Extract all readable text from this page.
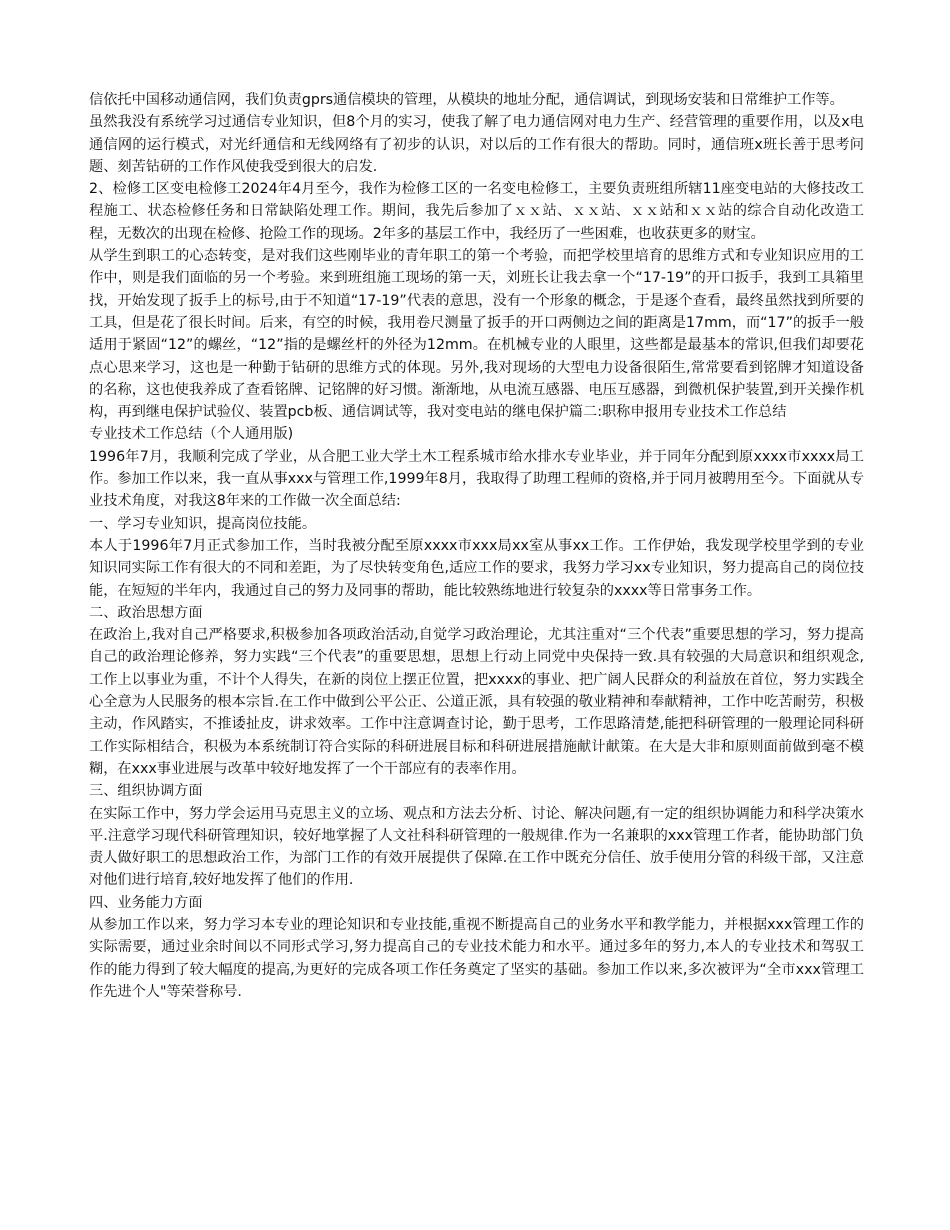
信依托中国移动通信网，我们负责gprs通信模块的管理，从模块的地址分配，通信调试，到现场安装和日常维护工作等。

虽然我没有系统学习过通信专业知识，但8个月的实习，使我了解了电力通信网对电力生产、经营管理的重要作用，以及x电通信网的运行模式，对光纤通信和无线网络有了初步的认识，对以后的工作有很大的帮助。同时，通信班x班长善于思考问题、刻苦钻研的工作作风使我受到很大的启发.

2、检修工区变电检修工2024年4月至今，我作为检修工区的一名变电检修工，主要负责班组所辖11座变电站的大修技改工程施工、状态检修任务和日常缺陷处理工作。期间，我先后参加了ｘｘ站、ｘｘ站、ｘｘ站和ｘｘ站的综合自动化改造工程，无数次的出现在检修、抢险工作的现场。2年多的基层工作中，我经历了一些困难，也收获更多的财宝。

从学生到职工的心态转变，是对我们这些刚毕业的青年职工的第一个考验，而把学校里培育的思维方式和专业知识应用的工作中，则是我们面临的另一个考验。来到班组施工现场的第一天，刘班长让我去拿一个“17-19”的开口扳手，我到工具箱里找，开始发现了扳手上的标号,由于不知道“17-19”代表的意思，没有一个形象的概念，于是逐个查看，最终虽然找到所要的工具，但是花了很长时间。后来，有空的时候，我用卷尺测量了扳手的开口两侧边之间的距离是17mm，而“17”的扳手一般适用于紧固“12”的螺丝，“12”指的是螺丝杆的外径为12mm。在机械专业的人眼里，这些都是最基本的常识,但我们却要花点心思来学习，这也是一种勤于钻研的思维方式的体现。另外,我对现场的大型电力设备很陌生,常常要看到铭牌才知道设备的名称，这也使我养成了查看铭牌、记铭牌的好习惯。渐渐地，从电流互感器、电压互感器，到微机保护装置,到开关操作机构，再到继电保护试验仪、装置pcb板、通信调试等，我对变电站的继电保护篇二:职称申报用专业技术工作总结

专业技术工作总结（个人通用版)

1996年7月，我顺利完成了学业，从合肥工业大学土木工程系城市给水排水专业毕业，并于同年分配到原xxxx市xxxx局工作。参加工作以来，我一直从事xxx与管理工作,1999年8月，我取得了助理工程师的资格,并于同月被聘用至今。下面就从专业技术角度，对我这8年来的工作做一次全面总结:

一、学习专业知识，提高岗位技能。

本人于1996年7月正式参加工作，当时我被分配至原xxxx市xxx局xx室从事xx工作。工作伊始，我发现学校里学到的专业知识同实际工作有很大的不同和差距，为了尽快转变角色,适应工作的要求，我努力学习xx专业知识，努力提高自己的岗位技能，在短短的半年内，我通过自己的努力及同事的帮助，能比较熟练地进行较复杂的xxxx等日常事务工作。

二、政治思想方面

在政治上,我对自己严格要求,积极参加各项政治活动,自觉学习政治理论，尤其注重对“三个代表”重要思想的学习，努力提高自己的政治理论修养，努力实践“三个代表”的重要思想，思想上行动上同党中央保持一致.具有较强的大局意识和组织观念,工作上以事业为重，不计个人得失，在新的岗位上摆正位置，把xxxx的事业、把广阔人民群众的利益放在首位，努力实践全心全意为人民服务的根本宗旨.在工作中做到公平公正、公道正派，具有较强的敬业精神和奉献精神，工作中吃苦耐劳，积极主动，作风踏实，不推诿扯皮，讲求效率。工作中注意调查讨论，勤于思考，工作思路清楚,能把科研管理的一般理论同科研工作实际相结合，积极为本系统制订符合实际的科研进展目标和科研进展措施献计献策。在大是大非和原则面前做到毫不模糊，在xxx事业进展与改革中较好地发挥了一个干部应有的表率作用。

三、组织协调方面

在实际工作中，努力学会运用马克思主义的立场、观点和方法去分析、讨论、解决问题,有一定的组织协调能力和科学决策水平.注意学习现代科研管理知识，较好地掌握了人文社科科研管理的一般规律.作为一名兼职的xxx管理工作者，能协助部门负责人做好职工的思想政治工作，为部门工作的有效开展提供了保障.在工作中既充分信任、放手使用分管的科级干部，又注意对他们进行培育,较好地发挥了他们的作用.

四、业务能力方面

从参加工作以来，努力学习本专业的理论知识和专业技能,重视不断提高自己的业务水平和教学能力，并根据xxx管理工作的实际需要，通过业余时间以不同形式学习,努力提高自己的专业技术能力和水平。通过多年的努力,本人的专业技术和驾驭工作的能力得到了较大幅度的提高,为更好的完成各项工作任务奠定了坚实的基础。参加工作以来,多次被评为“全市xxx管理工作先进个人"等荣誉称号.
